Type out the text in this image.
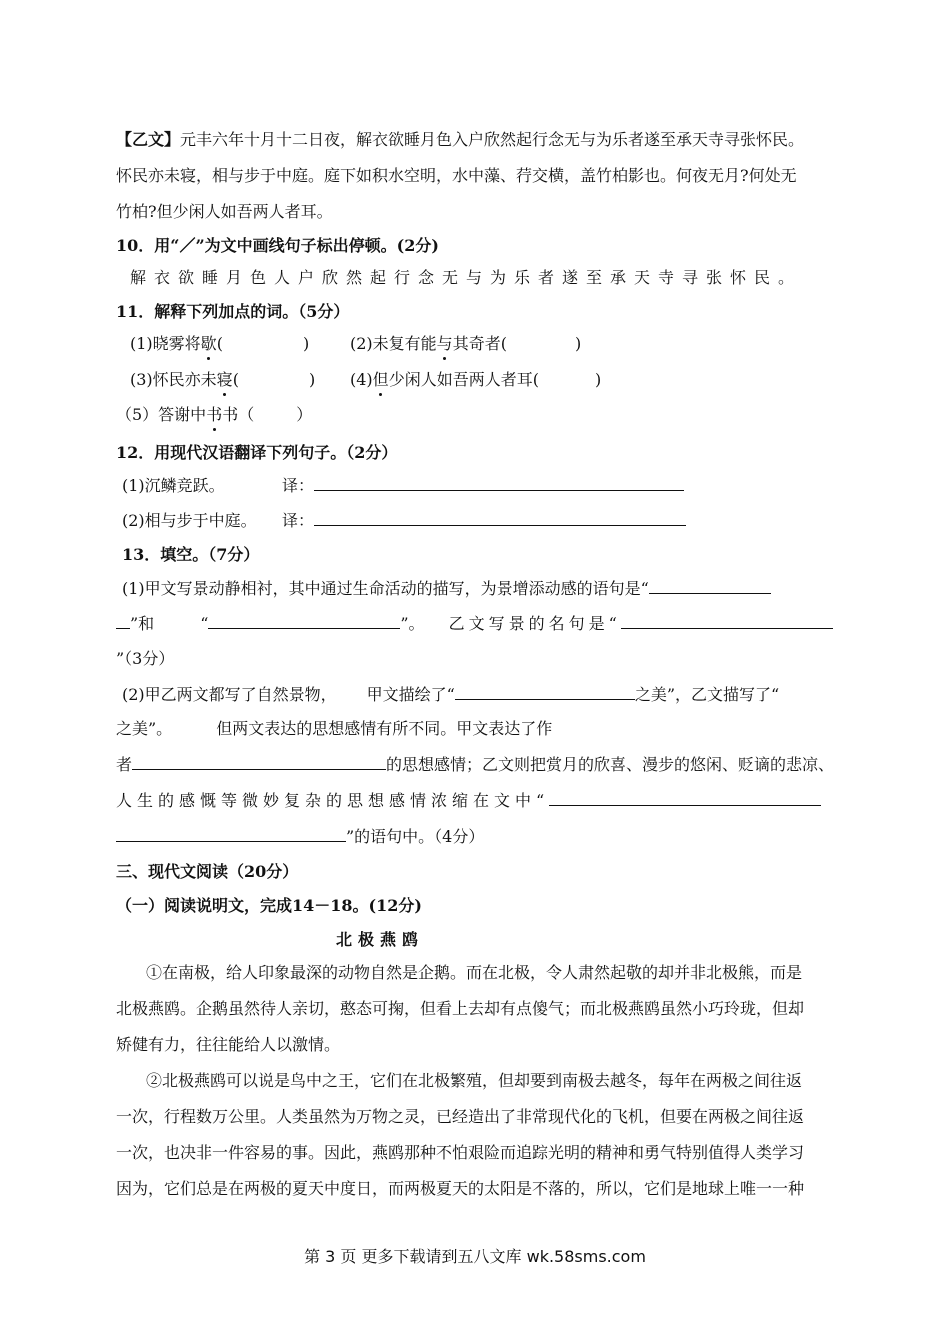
【乙文】元丰六年十月十二日夜，解衣欲睡月色入户欣然起行念无与为乐者遂至承天寺寻张怀民。
怀民亦未寝，相与步于中庭。庭下如积水空明，水中藻、荇交横，盖竹柏影也。何夜无月?何处无
竹柏?但少闲人如吾两人者耳。
10．用“／”为文中画线句子标出停顿。(2分)
解衣欲睡月色人户欣然起行念无与为乐者遂至承天寺寻张怀民。
11．解释下列加点的词。（5分）
(1)晓雾将歇(	)	(2)未复有能与其奇者(	)
(3)怀民亦未寝(	) (4)但少闲人如吾两人者耳(	)
（5）答谢中书书（	）
12．用现代汉语翻译下列句子。（2分）
(1)沉鳞竞跃。	译：
(2)相与步于中庭。 译：
13．填空。（7分）
(1)甲文写景动静相衬，其中通过生命活动的描写，为景增添动感的语句是“
”和	“	”。 乙文写景的名句是“
”（3分）
(2)甲乙两文都写了自然景物， 甲文描绘了“	之美”，乙文描写了“
之美”。	但两文表达的思想感情有所不同。甲文表达了作
者	的思想感情；乙文则把赏月的欣喜、漫步的悠闲、贬谪的悲凉、
人生的感慨等微妙复杂的思想感情浓缩在文中“
”的语句中。（4分）
三、现代文阅读（20分）
（一）阅读说明文，完成14－18。(12分)
北极燕鸥
①在南极，给人印象最深的动物自然是企鹅。而在北极，令人肃然起敬的却并非北极熊，而是
北极燕鸥。企鹅虽然待人亲切，憨态可掬，但看上去却有点傻气；而北极燕鸥虽然小巧玲珑，但却
矫健有力，往往能给人以激情。
②北极燕鸥可以说是鸟中之王，它们在北极繁殖，但却要到南极去越冬，每年在两极之间往返
一次，行程数万公里。人类虽然为万物之灵，已经造出了非常现代化的飞机，但要在两极之间往返
一次，也决非一件容易的事。因此，燕鸥那种不怕艰险而追踪光明的精神和勇气特别值得人类学习
因为，它们总是在两极的夏天中度日，而两极夏天的太阳是不落的，所以，它们是地球上唯一一种
第 3 页 更多下载请到五八文库 wk.58sms.com
